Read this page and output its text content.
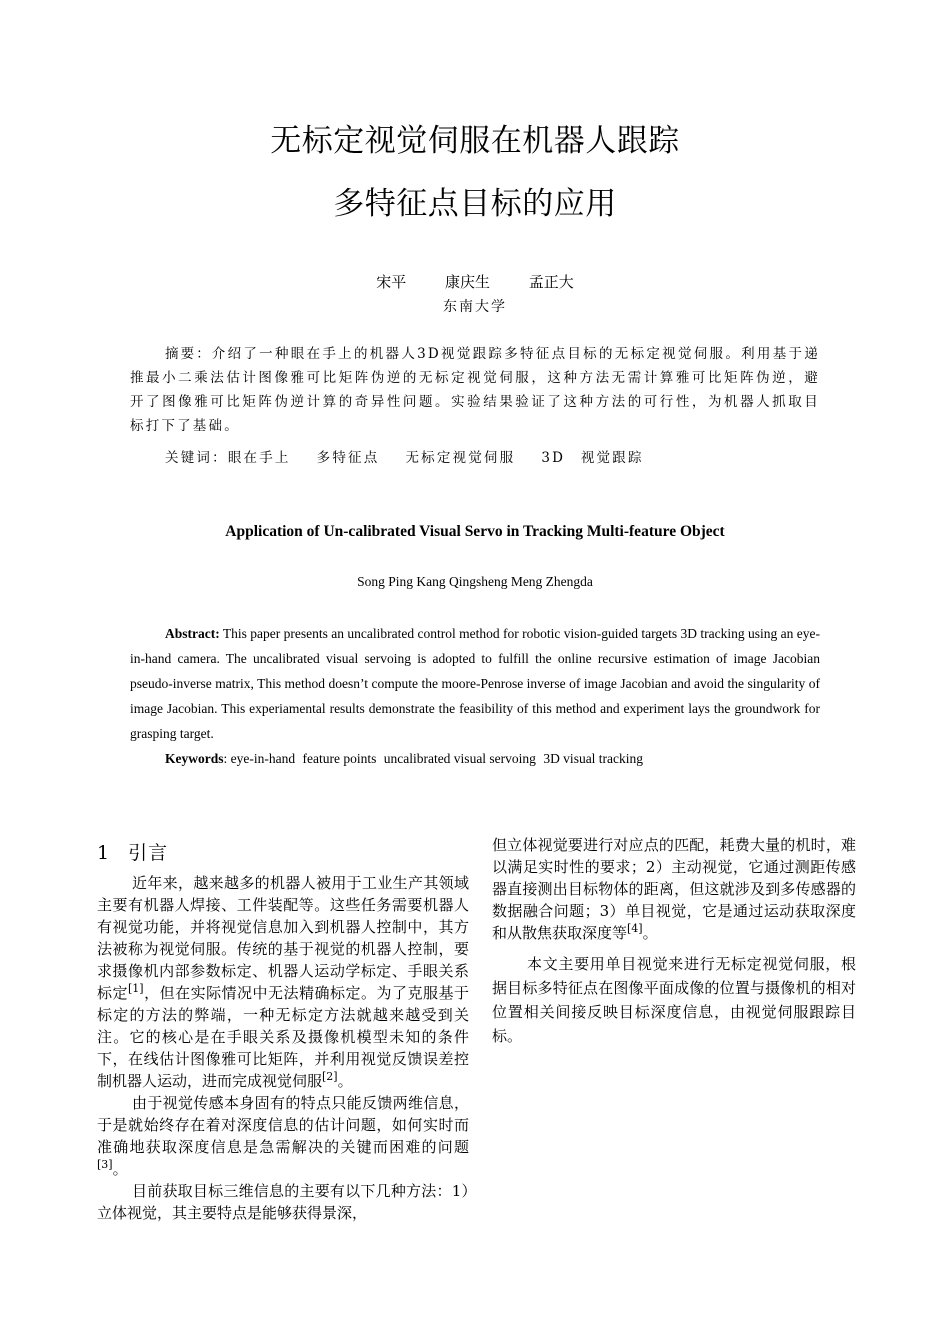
无标定视觉伺服在机器人跟踪
多特征点目标的应用
宋平	康庆生	孟正大
东南大学

摘要：介绍了一种眼在手上的机器人3D视觉跟踪多特征点目标的无标定视觉伺服。利用基于递推最小二乘法估计图像雅可比矩阵伪逆的无标定视觉伺服，这种方法无需计算雅可比矩阵伪逆，避开了图像雅可比矩阵伪逆计算的奇异性问题。实验结果验证了这种方法的可行性，为机器人抓取目标打下了基础。

关键词：眼在手上 多特征点 无标定视觉伺服 3D　视觉跟踪
Application of Un-calibrated Visual Servo in Tracking Multi-feature Object
Song Ping Kang Qingsheng Meng Zhengda

Abstract: This paper presents an uncalibrated control method for robotic vision-guided targets 3D tracking using an eye-in-hand camera. The uncalibrated visual servoing is adopted to fulfill the online recursive estimation of image Jacobian pseudo-inverse matrix, This method doesn’t compute the moore-Penrose inverse of image Jacobian and avoid the singularity of image Jacobian. This experiamental results demonstrate the feasibility of this method and experiment lays the groundwork for grasping target.

Keywords: eye-in-hand feature points uncalibrated visual servoing 3D visual tracking
1 引言

近年来，越来越多的机器人被用于工业生产其领域主要有机器人焊接、工件装配等。这些任务需要机器人有视觉功能，并将视觉信息加入到机器人控制中，其方法被称为视觉伺服。传统的基于视觉的机器人控制，要求摄像机内部参数标定、机器人运动学标定、手眼关系标定[1]，但在实际情况中无法精确标定。为了克服基于标定的方法的弊端，一种无标定方法就越来越受到关注。它的核心是在手眼关系及摄像机模型未知的条件下，在线估计图像雅可比矩阵，并利用视觉反馈误差控制机器人运动，进而完成视觉伺服[2]。

由于视觉传感本身固有的特点只能反馈两维信息，于是就始终存在着对深度信息的估计问题，如何实时而准确地获取深度信息是急需解决的关键而困难的问题[3]。

目前获取目标三维信息的主要有以下几种方法：1）立体视觉，其主要特点是能够获得景深，

但立体视觉要进行对应点的匹配，耗费大量的机时，难以满足实时性的要求；2）主动视觉，它通过测距传感器直接测出目标物体的距离，但这就涉及到多传感器的数据融合问题；3）单目视觉，它是通过运动获取深度和从散焦获取深度等[4]。

本文主要用单目视觉来进行无标定视觉伺服，根据目标多特征点在图像平面成像的位置与摄像机的相对位置相关间接反映目标深度信息，由视觉伺服跟踪目标。
